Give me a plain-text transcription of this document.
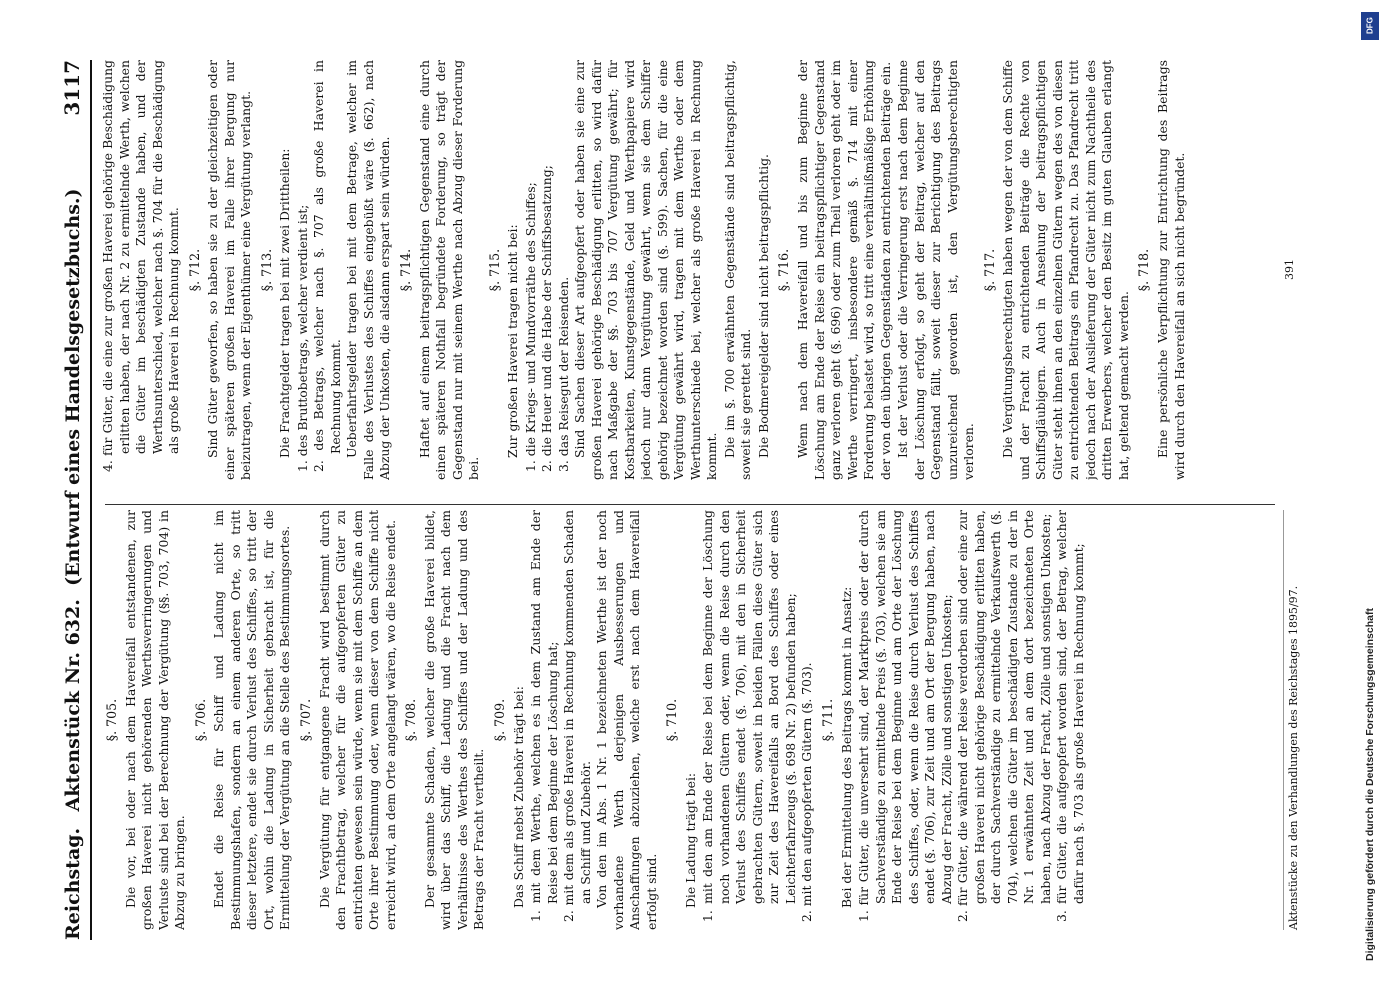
Reichstag.
Aktenstück Nr. 632.  (Entwurf eines Handelsgesetzbuchs.)
3117
§. 705. Die vor, bei oder nach dem Havereifall entstandenen, zur großen Haverei nicht gehörenden Werthsverringerungen und Verluste sind bei der Berechnung der Vergütung (§§. 703, 704) in Abzug zu bringen.
§. 706. Endet die Reise für Schiff und Ladung nicht im Bestimmungshafen, sondern an einem anderen Orte, so tritt dieser letztere, endet sie durch Verlust des Schiffes, so tritt der Ort, wohin die Ladung in Sicherheit gebracht ist, für die Ermittelung der Vergütung an die Stelle des Bestimmungsortes. §. 707. Die Vergütung für entgangene Fracht wird bestimmt durch den Frachtbetrag, welcher für die aufgeopferten Güter zu entrichten gewesen sein würde, wenn sie mit dem Schiffe an dem Orte ihrer Bestimmung oder, wenn dieser von dem Schiffe nicht erreicht wird, an dem Orte angelangt wären, wo die Reise endet. §. 708. Der gesammte Schaden, welcher die große Haverei bildet, wird über das Schiff, die Ladung und die Fracht nach dem Verhältnisse des Werthes des Schiffes und der Ladung und des Betrags der Fracht vertheilt.
§. 709. Das Schiff nebst Zubehör trägt bei: 1. mit dem Werthe, welchen es in dem Zustand am Ende der Reise bei dem Beginne der Löschung hat; 2. mit dem als große Haverei in Rechnung kommenden Schaden an Schiff und Zubehör. Von den im Abs. 1 Nr. 1 bezeichneten Werthe ist der noch vorhandene Werth derjenigen Ausbesserungen und Anschaffungen abzuziehen, welche erst nach dem Havereifall erfolgt sind.
§. 710.
Die Ladung trägt bei: 1. mit den am Ende der Reise bei dem Beginne der Löschung noch vorhandenen Gütern oder, wenn die Reise durch den Verlust des Schiffes endet (§. 706), mit den in Sicherheit gebrachten Gütern, soweit in beiden Fällen diese Güter sich zur Zeit des Havereifalls an Bord des Schiffes oder eines Leichterfahrzeugs (§. 698 Nr. 2) befunden haben; 2. mit den aufgeopferten Gütern (§. 703). §. 711. Bei der Ermittelung des Beitrags kommt in Ansatz: 1. für Güter, die unversehrt sind, der Marktpreis oder der durch Sachverständige zu ermittelnde Preis (§. 703), welchen sie am Ende der Reise bei dem Beginne und am Orte der Löschung des Schiffes, oder, wenn die Reise durch Verlust des Schiffes endet (§. 706), zur Zeit und am Ort der Bergung haben, nach Abzug der Fracht, Zölle und sonstigen Unkosten; 2. für Güter, die während der Reise verdorben sind oder eine zur großen Haverei nicht gehörige Beschädigung erlitten haben, der durch Sachverständige zu ermittelnde Verkaufswerth (§. 704), welchen die Güter im beschädigten Zustande zu der in Nr. 1 erwähnten Zeit und an dem dort bezeichneten Orte haben, nach Abzug der Fracht, Zölle und sonstigen Unkosten; 3. für Güter, die aufgeopfert worden sind, der Betrag, welcher dafür nach §. 703 als große Haverei in Rechnung kommt;
4. für Güter, die eine zur großen Haverei gehörige Beschädigung erlitten haben, der nach Nr. 2 zu ermittelnde Werth, welchen die Güter im beschädigten Zustande haben, und der Werthsunterschied, welcher nach §. 704 für die Beschädigung als große Haverei in Rechnung kommt. §. 712. Sind Güter geworfen, so haben sie zu der gleichzeitigen oder einer späteren großen Haverei im Falle ihrer Bergung nur beizutragen, wenn der Eigenthümer eine Vergütung verlangt. §. 713. Die Frachtgelder tragen bei mit zwei Drittheilen: 1. des Bruttobetrags, welcher verdient ist; 2. des Betrags, welcher nach §. 707 als große Haverei in Rechnung kommt. Ueberfahrtsgelder tragen bei mit dem Betrage, welcher im Falle des Verlustes des Schiffes eingebüßt wäre (§. 662), nach Abzug der Unkosten, die alsdann erspart sein würden. §. 714. Haftet auf einem beitragspflichtigen Gegenstand eine durch einen späteren Nothfall begründete Forderung, so trägt der Gegenstand nur mit seinem Werthe nach Abzug dieser Forderung bei.
§. 715. Zur großen Haverei tragen nicht bei: 1. die Kriegs- und Mundvorräthe des Schiffes; 2. die Heuer und die Habe der Schiffsbesatzung; 3. das Reisegut der Reisenden. Sind Sachen dieser Art aufgeopfert oder haben sie eine zur großen Haverei gehörige Beschädigung erlitten, so wird dafür nach Maßgabe der §§. 703 bis 707 Vergütung gewährt; für Kostbarkeiten, Kunstgegenstände, Geld und Werthpapiere wird jedoch nur dann Vergütung gewährt, wenn sie dem Schiffer gehörig bezeichnet worden sind (§. 599). Sachen, für die eine Vergütung gewährt wird, tragen mit dem Werthe oder dem Werthunterschiede bei, welcher als große Haverei in Rechnung kommt. Die im §. 700 erwähnten Gegenstände sind beitragspflichtig, soweit sie gerettet sind. Die Bodmereigelder sind nicht beitragspflichtig. §. 716. Wenn nach dem Havereifall und bis zum Beginne der Löschung am Ende der Reise ein beitragspflichtiger Gegenstand ganz verloren geht (§. 696) oder zum Theil verloren geht oder im Werthe verringert, insbesondere gemäß §. 714 mit einer Forderung belastet wird, so tritt eine verhältnißmäßige Erhöhung der von den übrigen Gegenständen zu entrichtenden Beiträge ein. Ist der Verlust oder die Verringerung erst nach dem Beginne der Löschung erfolgt, so geht der Beitrag, welcher auf den Gegenstand fällt, soweit dieser zur Berichtigung des Beitrags unzureichend geworden ist, den Vergütungsberechtigten verloren.
§. 717. Die Vergütungsberechtigten haben wegen der von dem Schiffe und der Fracht zu entrichtenden Beiträge die Rechte von Schiffsgläubigern. Auch in Ansehung der beitragspflichtigen Güter steht ihnen an den einzelnen Gütern wegen des von diesen zu entrichtenden Beitrags ein Pfandrecht zu. Das Pfandrecht tritt jedoch nach der Auslieferung der Güter nicht zum Nachtheile des dritten Erwerbers, welcher den Besitz im guten Glauben erlangt hat, geltend gemacht werden.
§. 718. Eine persönliche Verpflichtung zur Entrichtung des Beitrags wird durch den Havereifall an sich nicht begründet.
Aktenstücke zu den Verhandlungen des Reichstages 1895/97.
391
DFG
Digitalisierung gefördert durch die Deutsche Forschungsgemeinschaft
